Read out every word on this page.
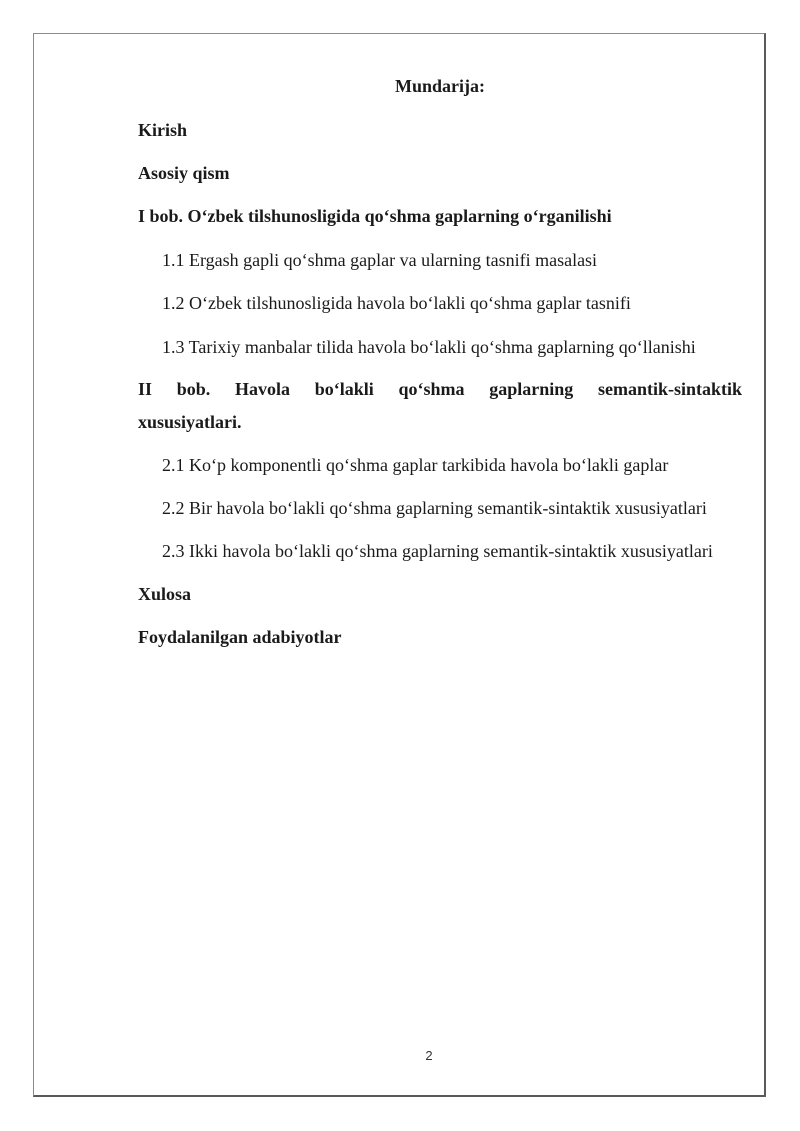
Mundarija:
Kirish
Asosiy qism
I bob. O‘zbek tilshunosligida qo‘shma gaplarning o‘rganilishi
1.1 Ergash gapli qo‘shma gaplar va ularning tasnifi masalasi
1.2 O‘zbek tilshunosligida havola bo‘lakli qo‘shma gaplar tasnifi
1.3 Tarixiy manbalar tilida havola bo‘lakli qo‘shma gaplarning qo‘llanishi
II bob. Havola bo‘lakli qo‘shma gaplarning semantik-sintaktik
xususiyatlari.
2.1 Ko‘p komponentli qo‘shma gaplar tarkibida havola bo‘lakli gaplar
2.2 Bir havola bo‘lakli qo‘shma gaplarning semantik-sintaktik xususiyatlari
2.3 Ikki havola bo‘lakli qo‘shma gaplarning semantik-sintaktik xususiyatlari
Xulosa
Foydalanilgan adabiyotlar
2
